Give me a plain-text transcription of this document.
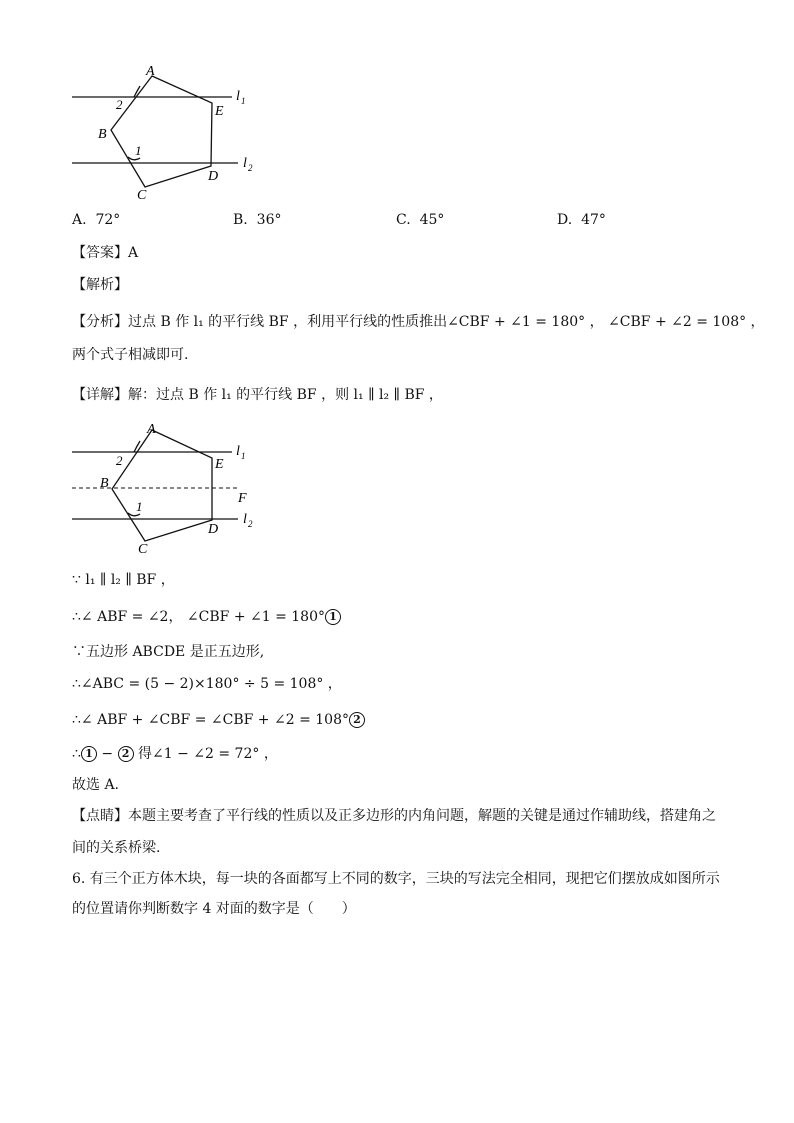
A
B
C
D
E
l 1
l 2
1
2
A. 72°	B. 36°	C. 45°	D. 47°
【答案】A
【解析】
【分析】过点 B 作 l₁ 的平行线 BF ，利用平行线的性质推出∠CBF + ∠1 = 180° ， ∠CBF + ∠2 = 108° ，
两个式子相减即可.
【详解】解：过点 B 作 l₁ 的平行线 BF ，则 l₁ ∥ l₂ ∥ BF ，
A
B
C
D
E
F
l 1
l 2
1
2
∵ l₁ ∥ l₂ ∥ BF ，
∴∠ ABF = ∠2， ∠CBF + ∠1 = 180° 1
∵五边形 ABCDE 是正五边形,
∴∠ABC = (5 − 2)×180° ÷ 5 = 108° ，
∴∠ ABF + ∠CBF = ∠CBF + ∠2 = 108° 2
∴ 1 − 2 得∠1 − ∠2 = 72° ，
故选 A.
【点睛】本题主要考查了平行线的性质以及正多边形的内角问题，解题的关键是通过作辅助线，搭建角之
间的关系桥梁.
6. 有三个正方体木块，每一块的各面都写上不同的数字，三块的写法完全相同，现把它们摆放成如图所示
的位置请你判断数字 4 对面的数字是（　　）
